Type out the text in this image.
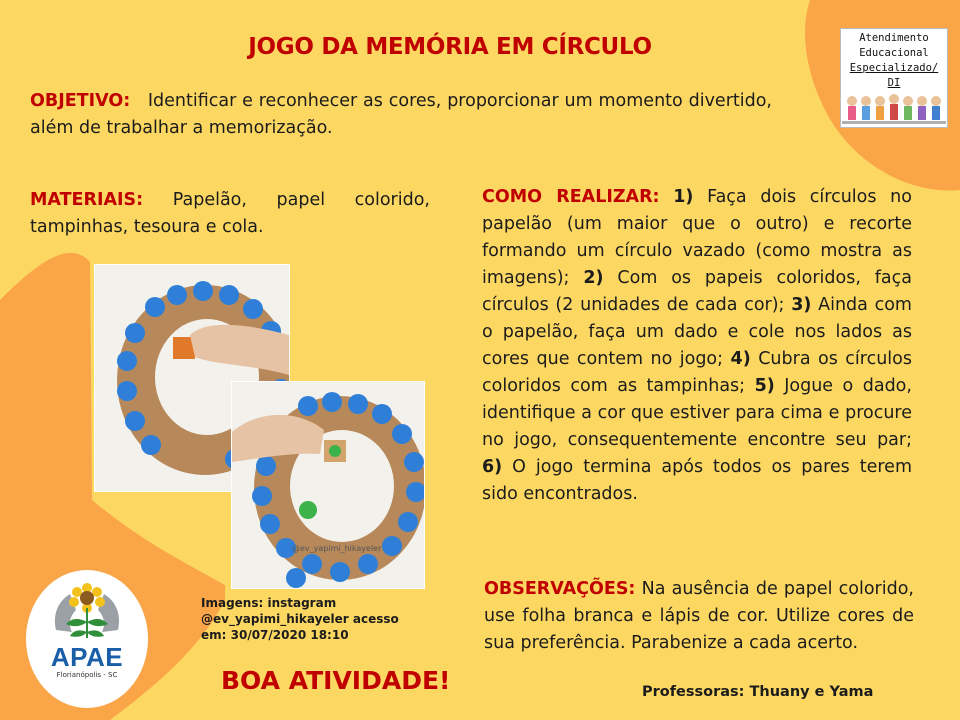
JOGO DA MEMÓRIA EM CÍRCULO
OBJETIVO: Identificar e reconhecer as cores, proporcionar um momento divertido, além de trabalhar a memorização.
MATERIAIS: Papelão, papel colorido, tampinhas, tesoura e cola.
COMO REALIZAR: 1) Faça dois círculos no papelão (um maior que o outro) e recorte formando um círculo vazado (como mostra as imagens); 2) Com os papeis coloridos, faça círculos (2 unidades de cada cor); 3) Ainda com o papelão, faça um dado e cole nos lados as cores que contem no jogo; 4) Cubra os círculos coloridos com as tampinhas; 5) Jogue o dado, identifique a cor que estiver para cima e procure no jogo, consequentemente encontre seu par; 6) O jogo termina após todos os pares terem sido encontrados.
OBSERVAÇÕES: Na ausência de papel colorido, use folha branca e lápis de cor. Utilize cores de sua preferência. Parabenize a cada acerto.
@ev_yapimi_hikayeler
Imagens: instagram
@ev_yapimi_hikayeler acesso
em: 30/07/2020 18:10
BOA ATIVIDADE!	Professoras: Thuany e Yama
Atendimento
Educacional
Especializado/ DI
APAE
Florianópolis - SC
